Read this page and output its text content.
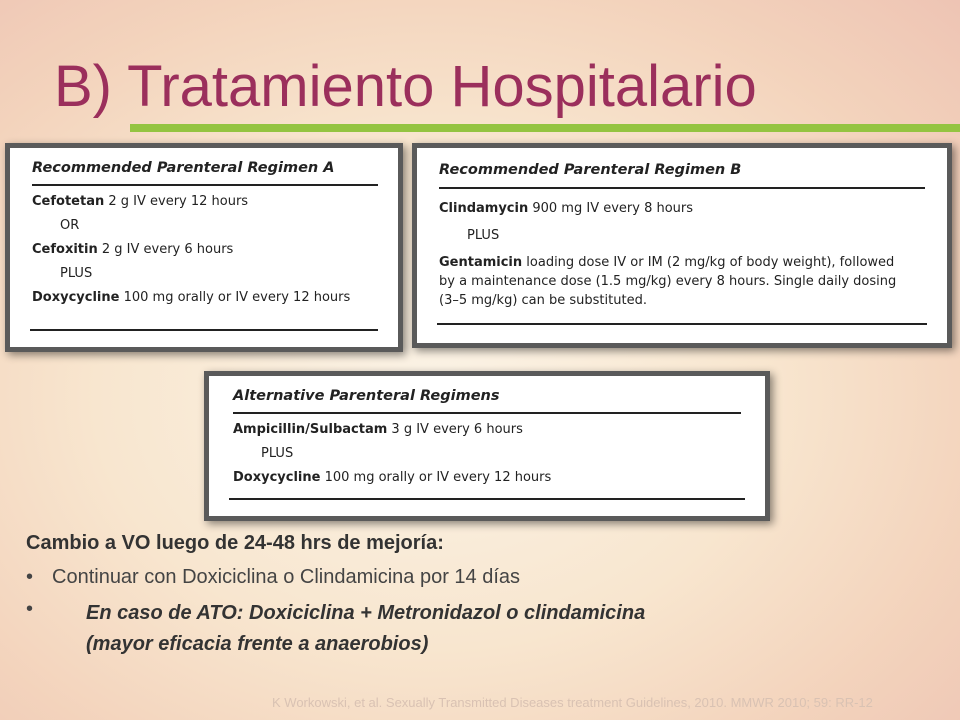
B) Tratamiento Hospitalario
Recommended Parenteral Regimen A
Cefotetan 2 g IV every 12 hours
OR
Cefoxitin 2 g IV every 6 hours
PLUS
Doxycycline 100 mg orally or IV every 12 hours
Recommended Parenteral Regimen B
Clindamycin 900 mg IV every 8 hours
PLUS
Gentamicin loading dose IV or IM (2 mg/kg of body weight), followed
by a maintenance dose (1.5 mg/kg) every 8 hours. Single daily dosing
(3–5 mg/kg) can be substituted.
Alternative Parenteral Regimens
Ampicillin/Sulbactam 3 g IV every 6 hours
PLUS
Doxycycline 100 mg orally or IV every 12 hours
Cambio a VO luego de 24-48 hrs de mejoría:
• Continuar con Doxiciclina o Clindamicina por 14 días
•	En caso de ATO: Doxiciclina + Metronidazol o clindamicina
(mayor eficacia frente a anaerobios)
K Workowski, et al. Sexually Transmitted Diseases treatment Guidelines, 2010. MMWR 2010; 59: RR-12
